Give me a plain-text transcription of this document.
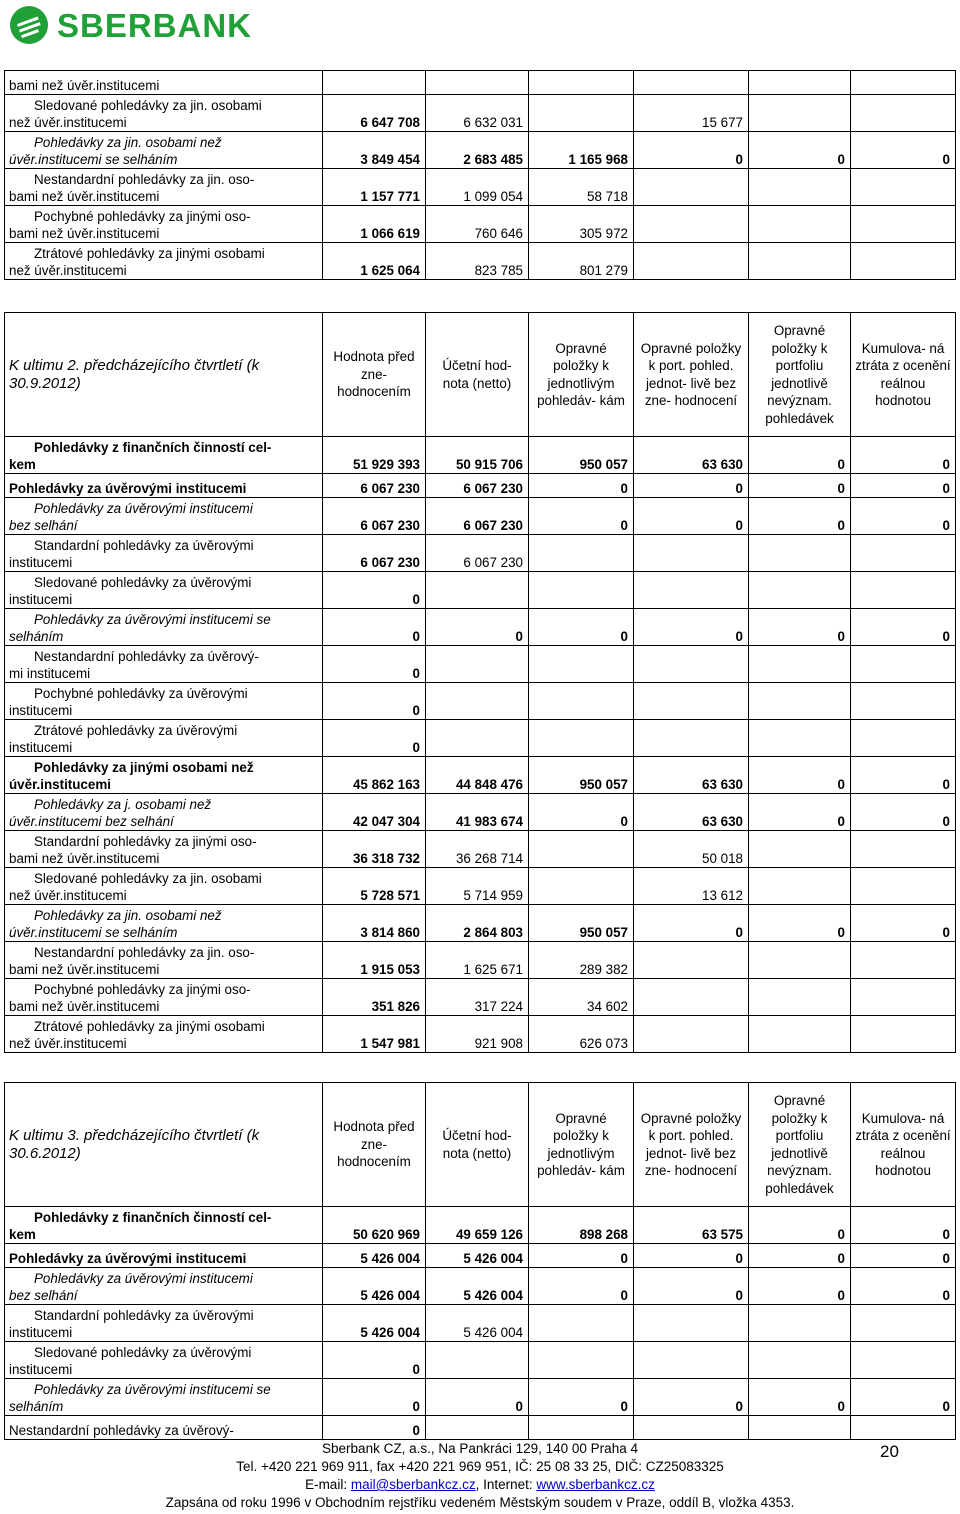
SBERBANK
bami než úvěr.institucemi						

Sledované pohledávky za jin. osobami
než úvěr.institucemi	6 647 708	6 632 031		15 677		

Pohledávky za jin. osobami než
úvěr.institucemi se selháním	3 849 454	2 683 485	1 165 968	0	0	0

Nestandardní pohledávky za jin. oso-
bami než úvěr.institucemi	1 157 771	1 099 054	58 718			

Pochybné pohledávky za jinými oso-
bami než úvěr.institucemi	1 066 619	760 646	305 972			

Ztrátové pohledávky za jinými osobami
než úvěr.institucemi	1 625 064	823 785	801 279			
K ultimu 2. předcházejícího čtvrtletí (k 30.9.2012)	Hodnota před zne- hodnocením	Účetní hod- nota (netto)	Opravné položky k jednotlivým pohledáv- kám	Opravné položky k port. pohled. jednot- livě bez zne- hodnocení	Opravné položky k portfoliu jednotlivě nevýznam. pohledávek	Kumulova- ná ztráta z ocenění reálnou hodnotou

Pohledávky z finančních činností cel-
kem	51 929 393	50 915 706	950 057	63 630	0	0

Pohledávky za úvěrovými institucemi	6 067 230	6 067 230	0	0	0	0

Pohledávky za úvěrovými institucemi
bez selhání	6 067 230	6 067 230	0	0	0	0

Standardní pohledávky za úvěrovými
institucemi	6 067 230	6 067 230				

Sledované pohledávky za úvěrovými
institucemi	0					

Pohledávky za úvěrovými institucemi se
selháním	0	0	0	0	0	0

Nestandardní pohledávky za úvěrový-
mi institucemi	0					

Pochybné pohledávky za úvěrovými
institucemi	0					

Ztrátové pohledávky za úvěrovými
institucemi	0					

Pohledávky za jinými osobami než
úvěr.institucemi	45 862 163	44 848 476	950 057	63 630	0	0

Pohledávky za j. osobami než
úvěr.institucemi bez selhání	42 047 304	41 983 674	0	63 630	0	0

Standardní pohledávky za jinými oso-
bami než úvěr.institucemi	36 318 732	36 268 714		50 018		

Sledované pohledávky za jin. osobami
než úvěr.institucemi	5 728 571	5 714 959		13 612		

Pohledávky za jin. osobami než
úvěr.institucemi se selháním	3 814 860	2 864 803	950 057	0	0	0

Nestandardní pohledávky za jin. oso-
bami než úvěr.institucemi	1 915 053	1 625 671	289 382			

Pochybné pohledávky za jinými oso-
bami než úvěr.institucemi	351 826	317 224	34 602			

Ztrátové pohledávky za jinými osobami
než úvěr.institucemi	1 547 981	921 908	626 073			
K ultimu 3. předcházejícího čtvrtletí (k 30.6.2012)	Hodnota před zne- hodnocením	Účetní hod- nota (netto)	Opravné položky k jednotlivým pohledáv- kám	Opravné položky k port. pohled. jednot- livě bez zne- hodnocení	Opravné položky k portfoliu jednotlivě nevýznam. pohledávek	Kumulova- ná ztráta z ocenění reálnou hodnotou

Pohledávky z finančních činností cel-
kem	50 620 969	49 659 126	898 268	63 575	0	0

Pohledávky za úvěrovými institucemi	5 426 004	5 426 004	0	0	0	0

Pohledávky za úvěrovými institucemi
bez selhání	5 426 004	5 426 004	0	0	0	0

Standardní pohledávky za úvěrovými
institucemi	5 426 004	5 426 004				

Sledované pohledávky za úvěrovými
institucemi	0					

Pohledávky za úvěrovými institucemi se
selháním	0	0	0	0	0	0

Nestandardní pohledávky za úvěrový-	0					
Sberbank CZ, a.s., Na Pankráci 129, 140 00 Praha 4
Tel. +420 221 969 911, fax +420 221 969 951, IČ: 25 08 33 25, DIČ: CZ25083325
E-mail: mail@sberbankcz.cz, Internet: www.sberbankcz.cz
Zapsána od roku 1996 v Obchodním rejstříku vedeném Městským soudem v Praze, oddíl B, vložka 4353.
20
